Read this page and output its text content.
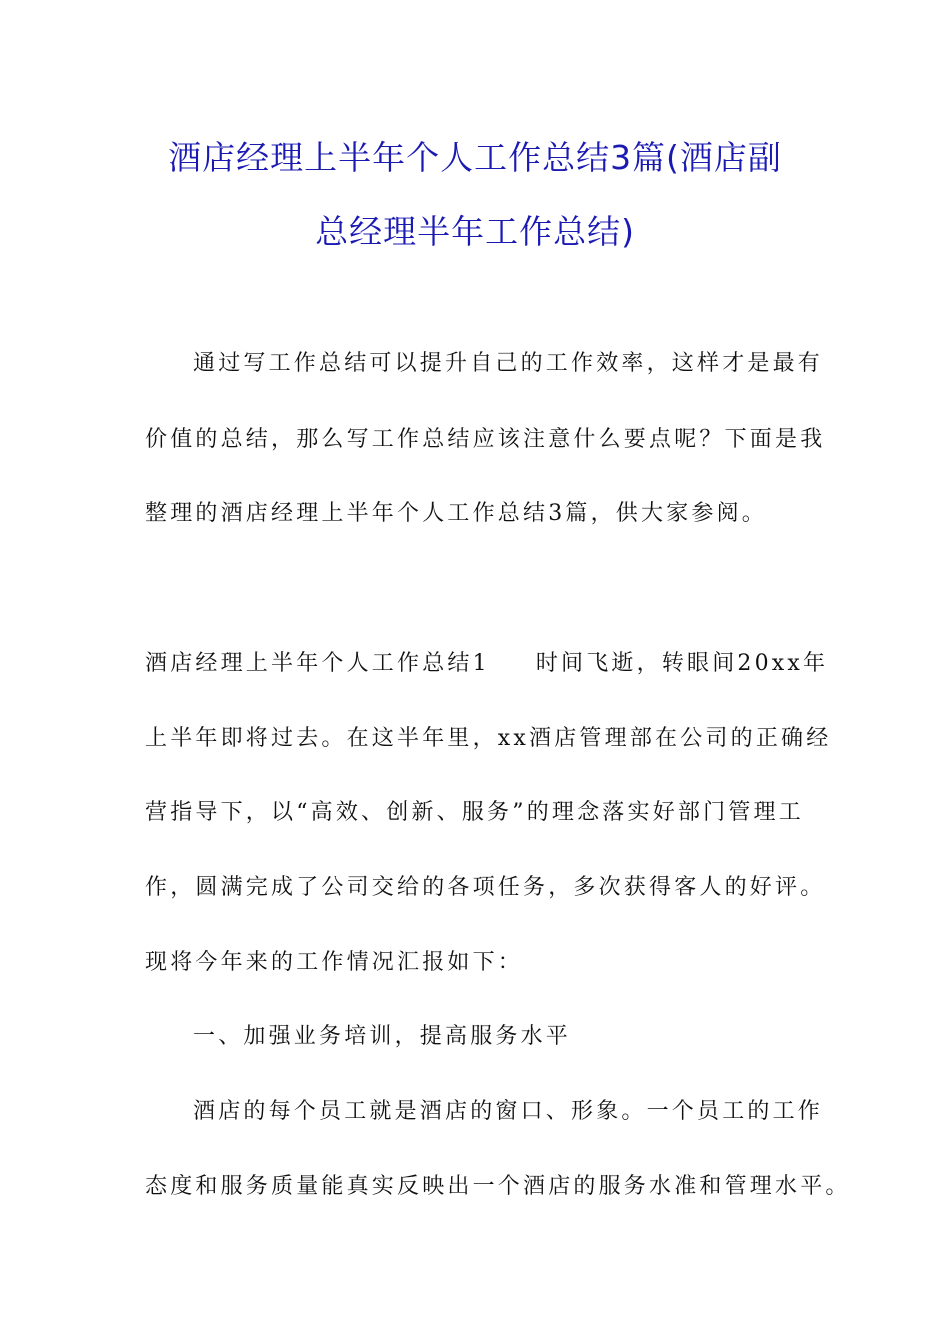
酒店经理上半年个人工作总结3篇(酒店副
总经理半年工作总结)
通过写工作总结可以提升自己的工作效率，这样才是最有
价值的总结，那么写工作总结应该注意什么要点呢？下面是我
整理的酒店经理上半年个人工作总结3篇，供大家参阅。
酒店经理上半年个人工作总结1 时间飞逝，转眼间20xx年
上半年即将过去。在这半年里，xx酒店管理部在公司的正确经
营指导下，以“高效、创新、服务”的理念落实好部门管理工
作，圆满完成了公司交给的各项任务，多次获得客人的好评。
现将今年来的工作情况汇报如下：
一、加强业务培训，提高服务水平
酒店的每个员工就是酒店的窗口、形象。一个员工的工作
态度和服务质量能真实反映出一个酒店的服务水准和管理水平。
